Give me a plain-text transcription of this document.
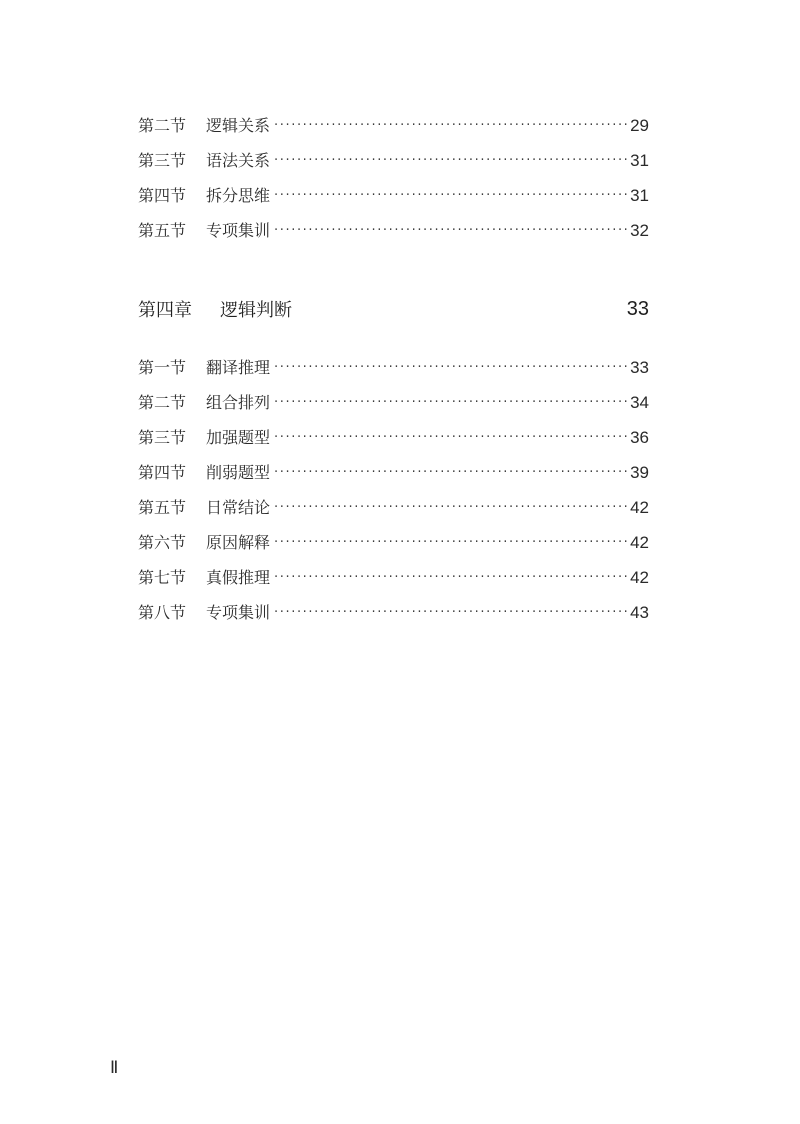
第二节	逻辑关系 ·····	29
第三节	语法关系 ·····	31
第四节	拆分思维 ·····	31
第五节	专项集训 ·····	32
第四章	逻辑判断	33
第一节	翻译推理 ·····	33
第二节	组合排列 ·····	34
第三节	加强题型 ·····	36
第四节	削弱题型 ·····	39
第五节	日常结论 ·····	42
第六节	原因解释 ·····	42
第七节	真假推理 ·····	42
第八节	专项集训 ·····	43
Ⅱ
